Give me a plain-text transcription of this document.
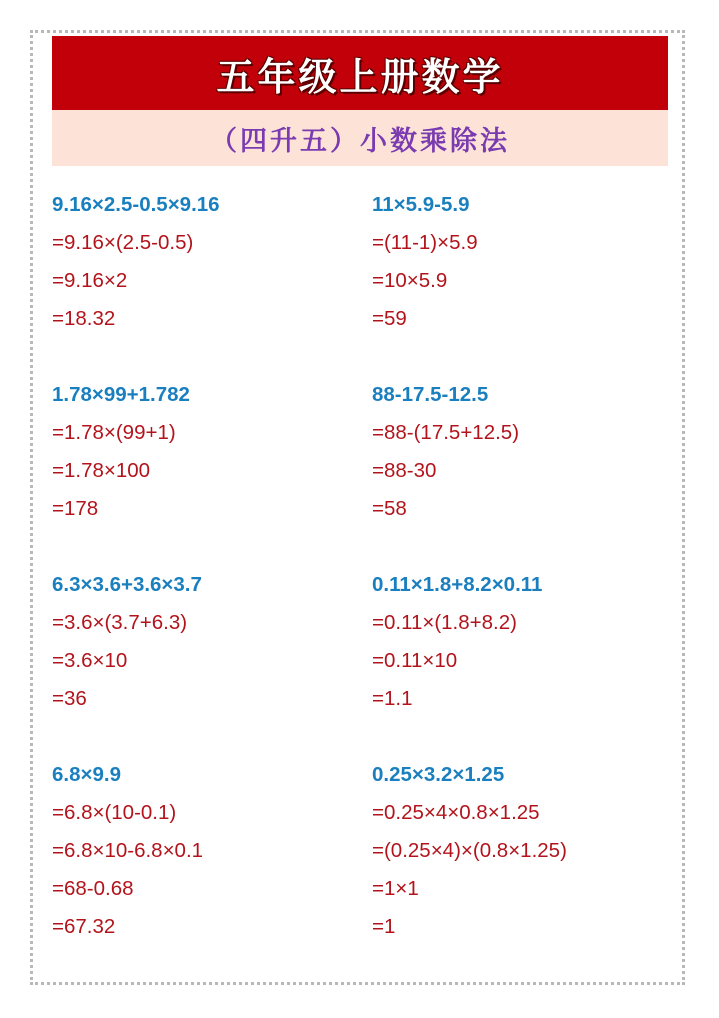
五年级上册数学
（四升五）小数乘除法
9.16×2.5-0.5×9.16
=9.16×(2.5-0.5)
=9.16×2
=18.32
11×5.9-5.9
=(11-1)×5.9
=10×5.9
=59
1.78×99+1.782
=1.78×(99+1)
=1.78×100
=178
88-17.5-12.5
=88-(17.5+12.5)
=88-30
=58
6.3×3.6+3.6×3.7
=3.6×(3.7+6.3)
=3.6×10
=36
0.11×1.8+8.2×0.11
=0.11×(1.8+8.2)
=0.11×10
=1.1
6.8×9.9
=6.8×(10-0.1)
=6.8×10-6.8×0.1
=68-0.68
=67.32
0.25×3.2×1.25
=0.25×4×0.8×1.25
=(0.25×4)×(0.8×1.25)
=1×1
=1
